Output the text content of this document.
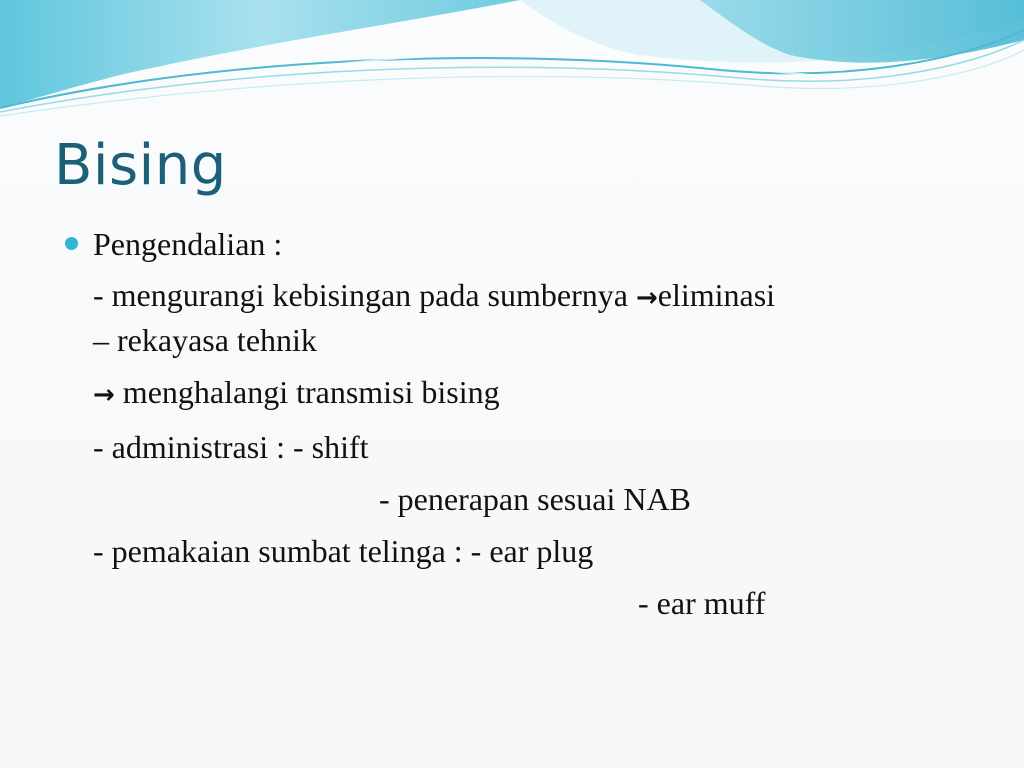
Bising
Pengendalian :
- mengurangi kebisingan pada sumbernya →eliminasi
– rekayasa tehnik
→ menghalangi transmisi bising
- administrasi : - shift
- penerapan sesuai NAB
- pemakaian sumbat telinga : - ear plug
- ear muff
